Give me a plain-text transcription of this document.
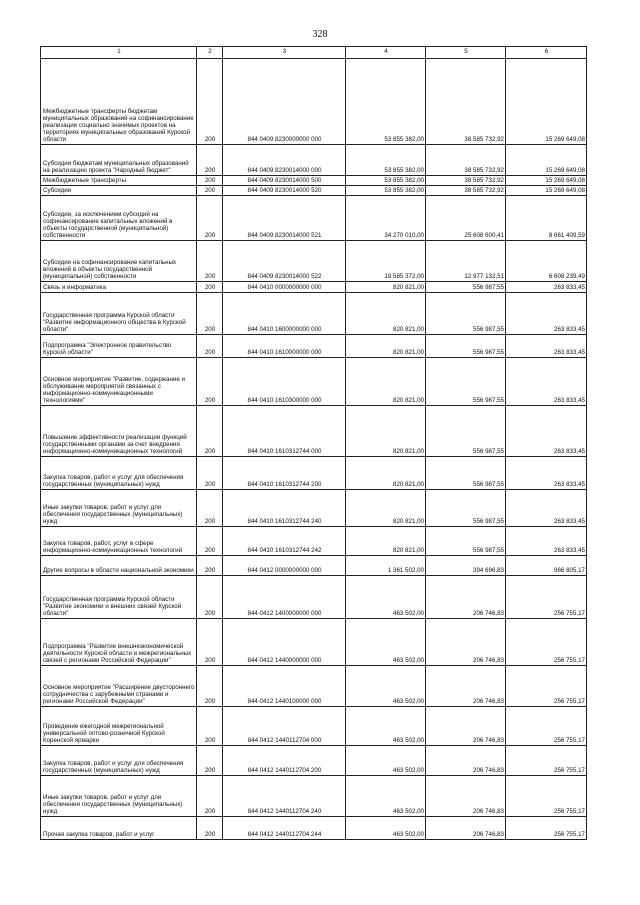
328
1	2	3	4	5	6
Межбюджетные трансферты бюджетам муниципальных образований на софинансирование реализации социально значимых проектов на территориях муниципальных образований Курской области	200	844 0409 8230000000 000	53 855 382,00	38 585 732,92	15 269 649,08
Субсидии бюджетам муниципальных образований на реализацию проекта "Народный бюджет"	200	844 0409 8230014000 000	53 855 382,00	38 585 732,92	15 269 649,08
Межбюджетные трансферты	200	844 0409 8230014000 500	53 855 382,00	38 585 732,92	15 269 649,08
Субсидии	200	844 0409 8230014000 520	53 855 382,00	38 585 732,92	15 269 649,08
Субсидии, за исключением субсидий на софинансирование капитальных вложений в объекты государственной (муниципальной) собственности	200	844 0409 8230014000 521	34 270 010,00	25 608 600,41	8 661 409,59
Субсидии на софинансирование капитальных вложений в объекты государственной (муниципальной) собственности	200	844 0409 8230014000 522	19 585 372,00	12 977 132,51	6 608 239,49
Связь и информатика	200	844 0410 0000000000 000	820 821,00	556 987,55	263 833,45
Государственная программа Курской области "Развитие информационного общества в Курской области"	200	844 0410 1600000000 000	820 821,00	556 987,55	263 833,45
Подпрограмма "Электронное правительство Курской области"	200	844 0410 1610000000 000	820 821,00	556 987,55	263 833,45
Основное мероприятие "Развитие, содержание и обслуживание мероприятий связанных с информационно-коммуникационными технологиями"	200	844 0410 1610300000 000	820 821,00	556 987,55	263 833,45
Повышение эффективности реализации функций государственными органами за счет внедрения информационно-коммуникационных технологий	200	844 0410 1610312744 000	820 821,00	556 987,55	263 833,45
Закупка товаров, работ и услуг для обеспечения государственных (муниципальных) нужд	200	844 0410 1610312744 200	820 821,00	556 987,55	263 833,45
Иные закупки товаров, работ и услуг для обеспечения государственных (муниципальных) нужд	200	844 0410 1610312744 240	820 821,00	556 987,55	263 833,45
Закупка товаров, работ, услуг в сфере информационно-коммуникационных технологий	200	844 0410 1610312744 242	820 821,00	556 987,55	263 833,45
Другие вопросы в области национальной экономики	200	844 0412 0000000000 000	1 361 502,00	394 696,83	966 805,17
Государственная программа Курской области "Развитие экономики и внешних связей Курской области"	200	844 0412 1400000000 000	463 502,00	206 746,83	256 755,17
Подпрограмма "Развитие внешнеэкономической деятельности Курской области и межрегиональных связей с регионами Российской Федерации"	200	844 0412 1440000000 000	463 502,00	206 746,83	256 755,17
Основное мероприятие "Расширение двустороннего сотрудничества с зарубежными странами и регионами Российской Федерации"	200	844 0412 1440100000 000	463 502,00	206 746,83	256 755,17
Проведение ежегодной межрегиональной универсальной оптово-розничной Курской Коренской ярмарки	200	844 0412 1440112704 000	463 502,00	206 746,83	256 755,17
Закупка товаров, работ и услуг для обеспечения государственных (муниципальных) нужд	200	844 0412 1440112704 200	463 502,00	206 746,83	256 755,17
Иные закупки товаров, работ и услуг для обеспечения государственных (муниципальных) нужд	200	844 0412 1440112704 240	463 502,00	206 746,83	256 755,17
Прочая закупка товаров, работ и услуг	200	844 0412 1440112704 244	463 502,00	206 746,83	256 755,17
